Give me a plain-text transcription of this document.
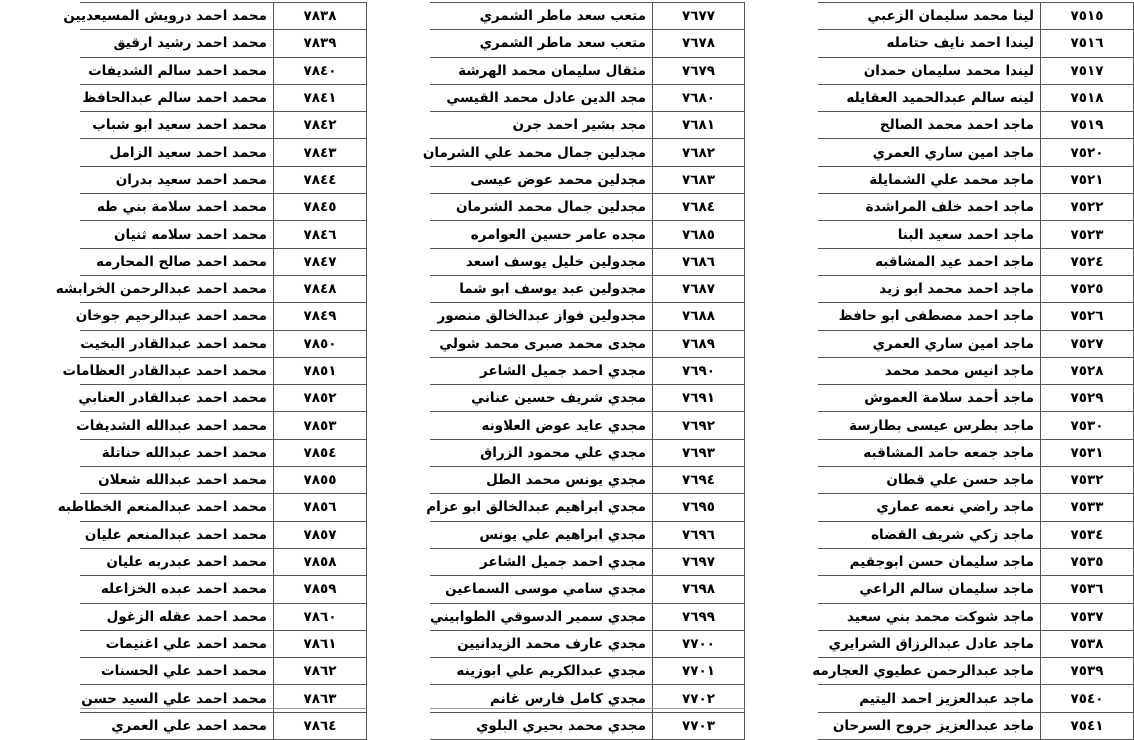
٧٨٣٨	محمد احمد درويش المسيعديين
٧٨٣٩	محمد احمد رشيد ارقيق
٧٨٤٠	محمد احمد سالم الشديفات
٧٨٤١	محمد احمد سالم عبدالحافظ
٧٨٤٢	محمد احمد سعيد ابو شباب
٧٨٤٣	محمد احمد سعيد الزامل
٧٨٤٤	محمد احمد سعيد بدران
٧٨٤٥	محمد احمد سلامة بني طه
٧٨٤٦	محمد احمد سلامه ثنيان
٧٨٤٧	محمد احمد صالح المحارمه
٧٨٤٨	محمد احمد عبدالرحمن الخرابشه
٧٨٤٩	محمد احمد عبدالرحيم جوخان
٧٨٥٠	محمد احمد عبدالقادر البخيت
٧٨٥١	محمد احمد عبدالقادر العظامات
٧٨٥٢	محمد احمد عبدالقادر العنابي
٧٨٥٣	محمد احمد عبدالله الشديفات
٧٨٥٤	محمد احمد عبدالله حناتلة
٧٨٥٥	محمد احمد عبدالله شعلان
٧٨٥٦	محمد احمد عبدالمنعم الخطاطبه
٧٨٥٧	محمد احمد عبدالمنعم عليان
٧٨٥٨	محمد احمد عبدربه عليان
٧٨٥٩	محمد احمد عبده الخزاعله
٧٨٦٠	محمد احمد عقله الزغول
٧٨٦١	محمد احمد علي اغنيمات
٧٨٦٢	محمد احمد علي الحسنات
٧٨٦٣	محمد احمد علي السيد حسن
٧٨٦٤	محمد احمد علي العمري
٧٦٧٧	متعب سعد ماطر الشمري
٧٦٧٨	متعب سعد ماطر الشمري
٧٦٧٩	مثقال سليمان محمد الهرشة
٧٦٨٠	مجد الدين عادل محمد القيسي
٧٦٨١	مجد بشير احمد جرن
٧٦٨٢	مجدلين جمال محمد علي الشرمان
٧٦٨٣	مجدلين محمد عوض عيسى
٧٦٨٤	مجدلين جمال محمد الشرمان
٧٦٨٥	مجده عامر حسين العوامره
٧٦٨٦	مجدولين خليل يوسف اسعد
٧٦٨٧	مجدولين عبد يوسف ابو شما
٧٦٨٨	مجدولين فواز عبدالخالق منصور
٧٦٨٩	مجدى محمد صبرى محمد شولي
٧٦٩٠	مجدي احمد جميل الشاعر
٧٦٩١	مجدي شريف حسين عناني
٧٦٩٢	مجدي عايد عوض العلاونه
٧٦٩٣	مجدي علي محمود الزراق
٧٦٩٤	مجدي يونس محمد الطل
٧٦٩٥	مجدي ابراهيم عبدالخالق ابو عزام
٧٦٩٦	مجدي ابراهيم علي يونس
٧٦٩٧	مجدي احمد جميل الشاعر
٧٦٩٨	مجدي سامي موسى السماعين
٧٦٩٩	مجدي سمير الدسوقي الطوابيني
٧٧٠٠	مجدي عارف محمد الزيدانيين
٧٧٠١	مجدي عبدالكريم علي ابوزينه
٧٧٠٢	مجدي كامل فارس غانم
٧٧٠٣	مجدي محمد بحيري البلوي
٧٥١٥	لينا محمد سليمان الزعبي
٧٥١٦	ليندا احمد نايف حتامله
٧٥١٧	ليندا محمد سليمان حمدان
٧٥١٨	لينه سالم عبدالحميد العقايله
٧٥١٩	ماجد احمد محمد الصالح
٧٥٢٠	ماجد امين ساري العمري
٧٥٢١	ماجد محمد علي الشمايلة
٧٥٢٢	ماجد احمد خلف المراشدة
٧٥٢٣	ماجد احمد سعيد البنا
٧٥٢٤	ماجد احمد عيد المشاقبه
٧٥٢٥	ماجد احمد محمد ابو زيد
٧٥٢٦	ماجد احمد مصطفى ابو حافظ
٧٥٢٧	ماجد امين ساري العمري
٧٥٢٨	ماجد انيس محمد محمد
٧٥٢٩	ماجد أحمد سلامة العموش
٧٥٣٠	ماجد بطرس عيسى بطارسة
٧٥٣١	ماجد جمعه حامد المشاقبه
٧٥٣٢	ماجد حسن علي قطان
٧٥٣٣	ماجد راضي نعمه عماري
٧٥٣٤	ماجد زكي شريف القضاه
٧٥٣٥	ماجد سليمان حسن ابوجقيم
٧٥٣٦	ماجد سليمان سالم الراعي
٧٥٣٧	ماجد شوكت محمد بني سعيد
٧٥٣٨	ماجد عادل عبدالرزاق الشرايري
٧٥٣٩	ماجد عبدالرحمن عطيوي العجارمه
٧٥٤٠	ماجد عبدالعزيز احمد اليتيم
٧٥٤١	ماجد عبدالعزيز جروح السرحان
